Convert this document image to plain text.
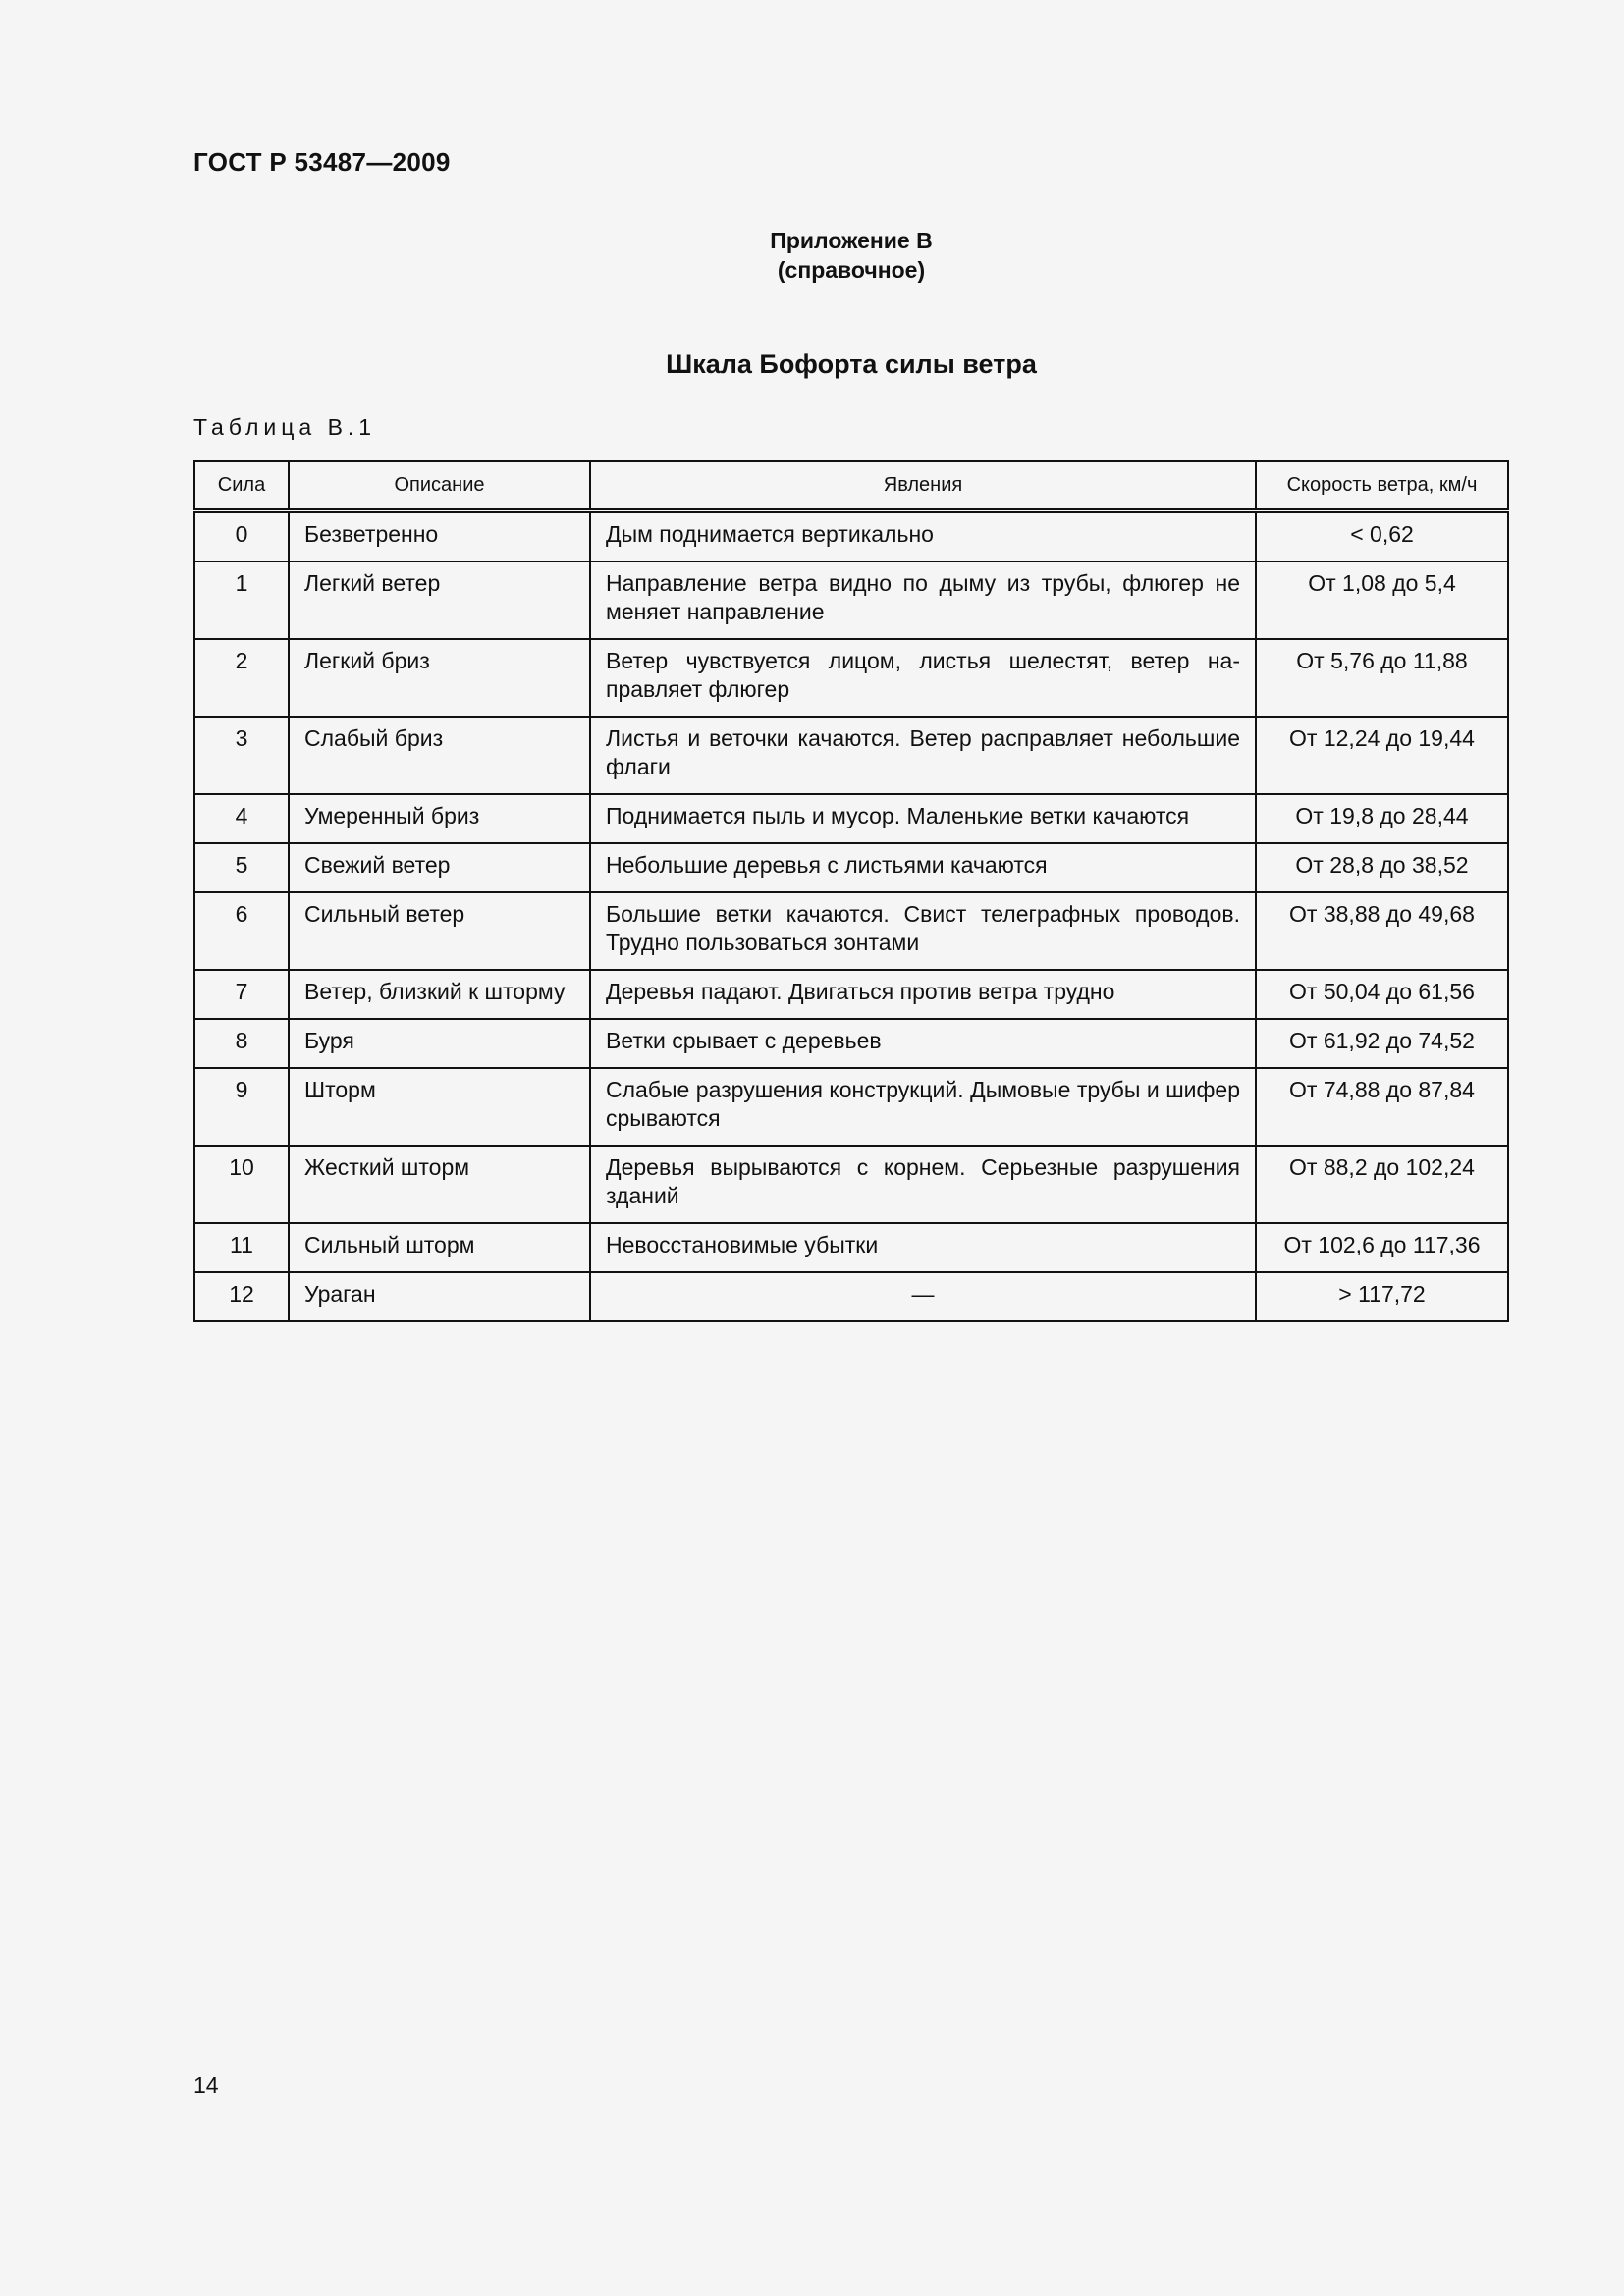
ГОСТ Р 53487—2009
Приложение В
(справочное)
Шкала Бофорта силы ветра
Таблица В.1
Сила	Описание	Явления	Скорость ветра, км/ч
0	Безветренно	Дым поднимается вертикально	< 0,62
1	Легкий ветер	Направление ветра видно по дыму из трубы, флюгер не меняет направление	От 1,08 до 5,4
2	Легкий бриз	Ветер чувствуется лицом, листья шелестят, ветер направляет флюгер	От 5,76 до 11,88
3	Слабый бриз	Листья и веточки качаются. Ветер расправляет небольшие флаги	От 12,24 до 19,44
4	Умеренный бриз	Поднимается пыль и мусор. Маленькие ветки качаются	От 19,8 до 28,44
5	Свежий ветер	Небольшие деревья с листьями качаются	От 28,8 до 38,52
6	Сильный ветер	Большие ветки качаются. Свист телеграфных проводов. Трудно пользоваться зонтами	От 38,88 до 49,68
7	Ветер, близкий к шторму	Деревья падают. Двигаться против ветра трудно	От 50,04 до 61,56
8	Буря	Ветки срывает с деревьев	От 61,92 до 74,52
9	Шторм	Слабые разрушения конструкций. Дымовые трубы и шифер срываются	От 74,88 до 87,84
10	Жесткий шторм	Деревья вырываются с корнем. Серьезные разрушения зданий	От 88,2 до 102,24
11	Сильный шторм	Невосстановимые убытки	От 102,6 до 117,36
12	Ураган	—	> 117,72
14
